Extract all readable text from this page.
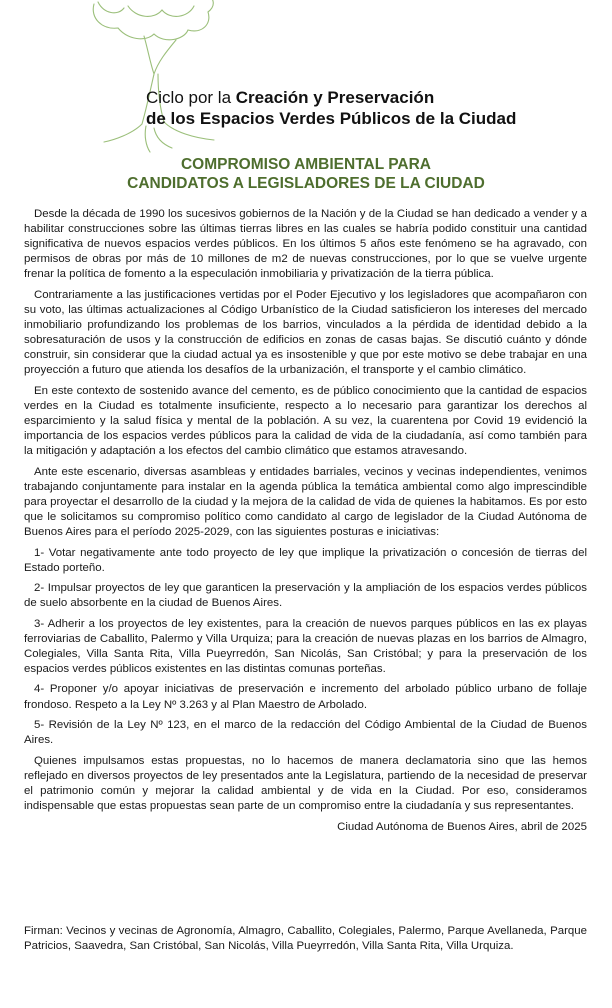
Ciclo por la Creación y Preservación
de los Espacios Verdes Públicos de la Ciudad
COMPROMISO AMBIENTAL PARA
CANDIDATOS A LEGISLADORES DE LA CIUDAD

Desde la década de 1990 los sucesivos gobiernos de la Nación y de la Ciudad se han dedicado a vender y a habilitar construcciones sobre las últimas tierras libres en las cuales se habría podido constituir una cantidad significativa de nuevos espacios verdes públicos. En los últimos 5 años este fenómeno se ha agravado, con permisos de obras por más de 10 millones de m2 de nuevas construcciones, por lo que se vuelve urgente frenar la política de fomento a la especulación inmobiliaria y privatización de la tierra pública.

Contrariamente a las justificaciones vertidas por el Poder Ejecutivo y los legisladores que acompañaron con su voto, las últimas actualizaciones al Código Urbanístico de la Ciudad satisficieron los intereses del mercado inmobiliario profundizando los problemas de los barrios, vinculados a la pérdida de identidad debido a la sobresaturación de usos y la construcción de edificios en zonas de casas bajas. Se discutió cuánto y dónde construir, sin considerar que la ciudad actual ya es insostenible y que por este motivo se debe trabajar en una proyección a futuro que atienda los desafíos de la urbanización, el transporte y el cambio climático.

En este contexto de sostenido avance del cemento, es de público conocimiento que la cantidad de espacios verdes en la Ciudad es totalmente insuficiente, respecto a lo necesario para garantizar los derechos al esparcimiento y la salud física y mental de la población. A su vez, la cuarentena por Covid 19 evidenció la importancia de los espacios verdes públicos para la calidad de vida de la ciudadanía, así como también para la mitigación y adaptación a los efectos del cambio climático que estamos atravesando.

Ante este escenario, diversas asambleas y entidades barriales, vecinos y vecinas independientes, venimos trabajando conjuntamente para instalar en la agenda pública la temática ambiental como algo imprescindible para proyectar el desarrollo de la ciudad y la mejora de la calidad de vida de quienes la habitamos. Es por esto que le solicitamos su compromiso político como candidato al cargo de legislador de la Ciudad Autónoma de Buenos Aires para el período 2025-2029, con las siguientes posturas e iniciativas:

1- Votar negativamente ante todo proyecto de ley que implique la privatización o concesión de tierras del Estado porteño.

2- Impulsar proyectos de ley que garanticen la preservación y la ampliación de los espacios verdes públicos de suelo absorbente en la ciudad de Buenos Aires.

3- Adherir a los proyectos de ley existentes, para la creación de nuevos parques públicos en las ex playas ferroviarias de Caballito, Palermo y Villa Urquiza; para la creación de nuevas plazas en los barrios de Almagro, Colegiales, Villa Santa Rita, Villa Pueyrredón, San Nicolás, San Cristóbal; y para la preservación de los espacios verdes públicos existentes en las distintas comunas porteñas.

4- Proponer y/o apoyar iniciativas de preservación e incremento del arbolado público urbano de follaje frondoso. Respeto a la Ley Nº 3.263 y al Plan Maestro de Arbolado.

5- Revisión de la Ley Nº 123, en el marco de la redacción del Código Ambiental de la Ciudad de Buenos Aires.

Quienes impulsamos estas propuestas, no lo hacemos de manera declamatoria sino que las hemos reflejado en diversos proyectos de ley presentados ante la Legislatura, partiendo de la necesidad de preservar el patrimonio común y mejorar la calidad ambiental y de vida en la Ciudad. Por eso, consideramos indispensable que estas propuestas sean parte de un compromiso entre la ciudadanía y sus representantes.

Ciudad Autónoma de Buenos Aires, abril de 2025

Firman: Vecinos y vecinas de Agronomía, Almagro, Caballito, Colegiales, Palermo, Parque Avellaneda, Parque Patricios, Saavedra, San Cristóbal, San Nicolás, Villa Pueyrredón, Villa Santa Rita, Villa Urquiza.
